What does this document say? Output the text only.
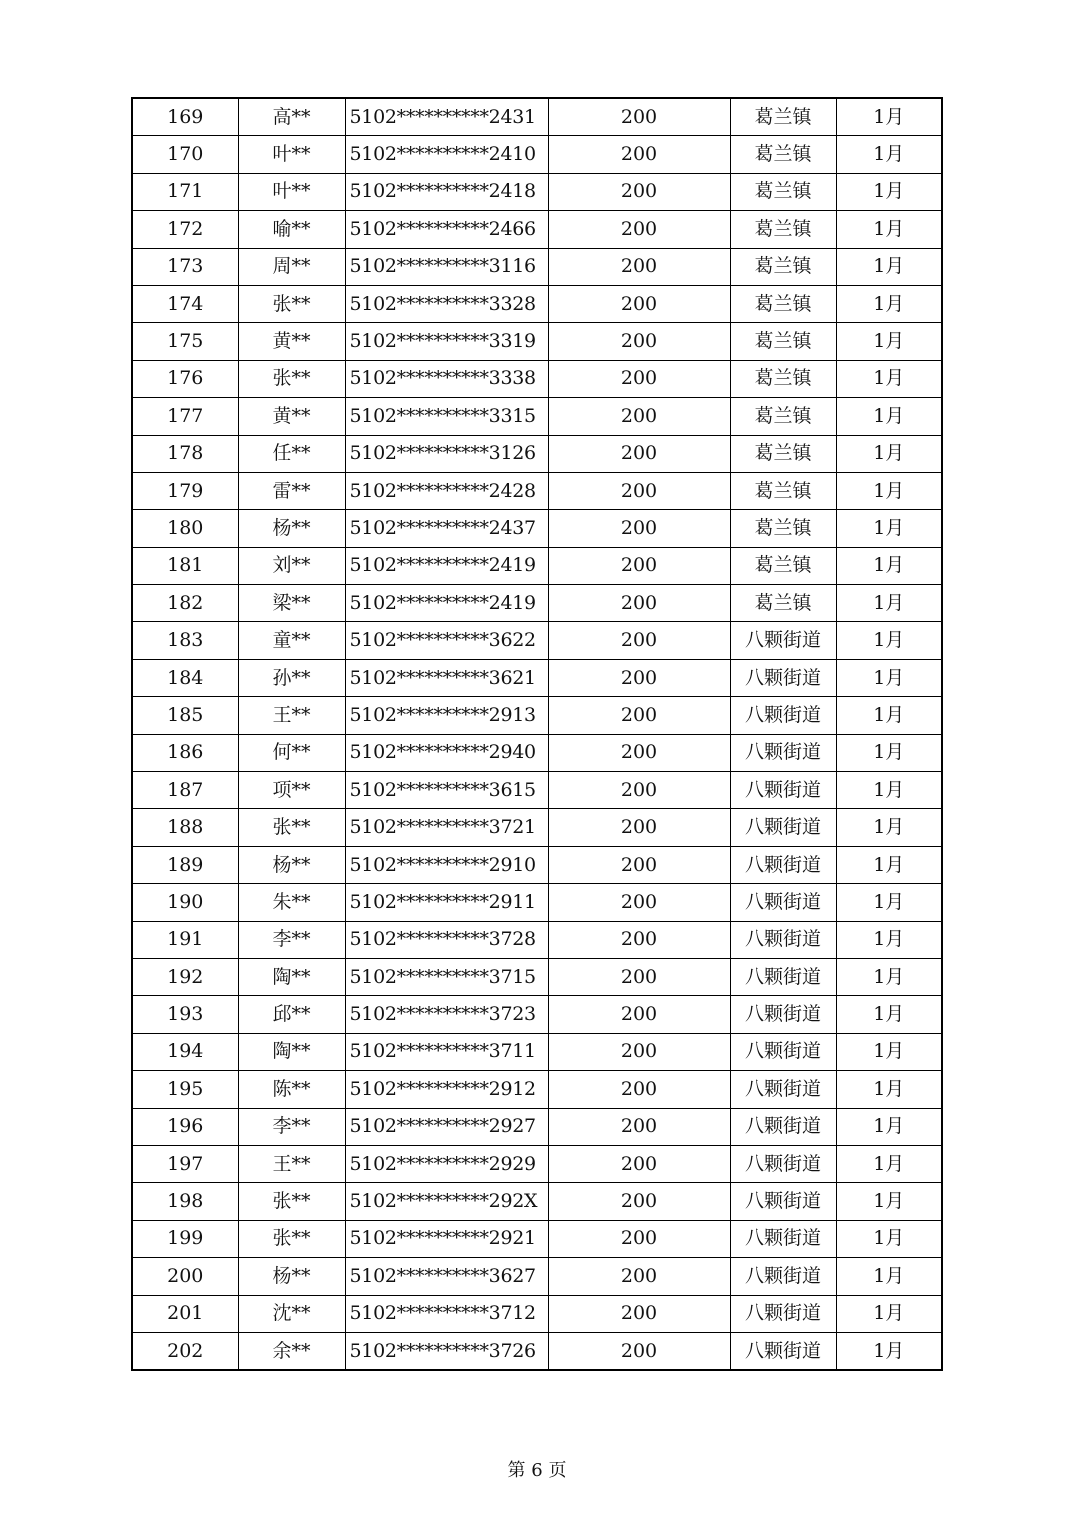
169	高**	5102**********2431	200	葛兰镇	1月
170	叶**	5102**********2410	200	葛兰镇	1月
171	叶**	5102**********2418	200	葛兰镇	1月
172	喻**	5102**********2466	200	葛兰镇	1月
173	周**	5102**********3116	200	葛兰镇	1月
174	张**	5102**********3328	200	葛兰镇	1月
175	黄**	5102**********3319	200	葛兰镇	1月
176	张**	5102**********3338	200	葛兰镇	1月
177	黄**	5102**********3315	200	葛兰镇	1月
178	任**	5102**********3126	200	葛兰镇	1月
179	雷**	5102**********2428	200	葛兰镇	1月
180	杨**	5102**********2437	200	葛兰镇	1月
181	刘**	5102**********2419	200	葛兰镇	1月
182	梁**	5102**********2419	200	葛兰镇	1月
183	童**	5102**********3622	200	八颗街道	1月
184	孙**	5102**********3621	200	八颗街道	1月
185	王**	5102**********2913	200	八颗街道	1月
186	何**	5102**********2940	200	八颗街道	1月
187	项**	5102**********3615	200	八颗街道	1月
188	张**	5102**********3721	200	八颗街道	1月
189	杨**	5102**********2910	200	八颗街道	1月
190	朱**	5102**********2911	200	八颗街道	1月
191	李**	5102**********3728	200	八颗街道	1月
192	陶**	5102**********3715	200	八颗街道	1月
193	邱**	5102**********3723	200	八颗街道	1月
194	陶**	5102**********3711	200	八颗街道	1月
195	陈**	5102**********2912	200	八颗街道	1月
196	李**	5102**********2927	200	八颗街道	1月
197	王**	5102**********2929	200	八颗街道	1月
198	张**	5102**********292X	200	八颗街道	1月
199	张**	5102**********2921	200	八颗街道	1月
200	杨**	5102**********3627	200	八颗街道	1月
201	沈**	5102**********3712	200	八颗街道	1月
202	余**	5102**********3726	200	八颗街道	1月
第 6 页
